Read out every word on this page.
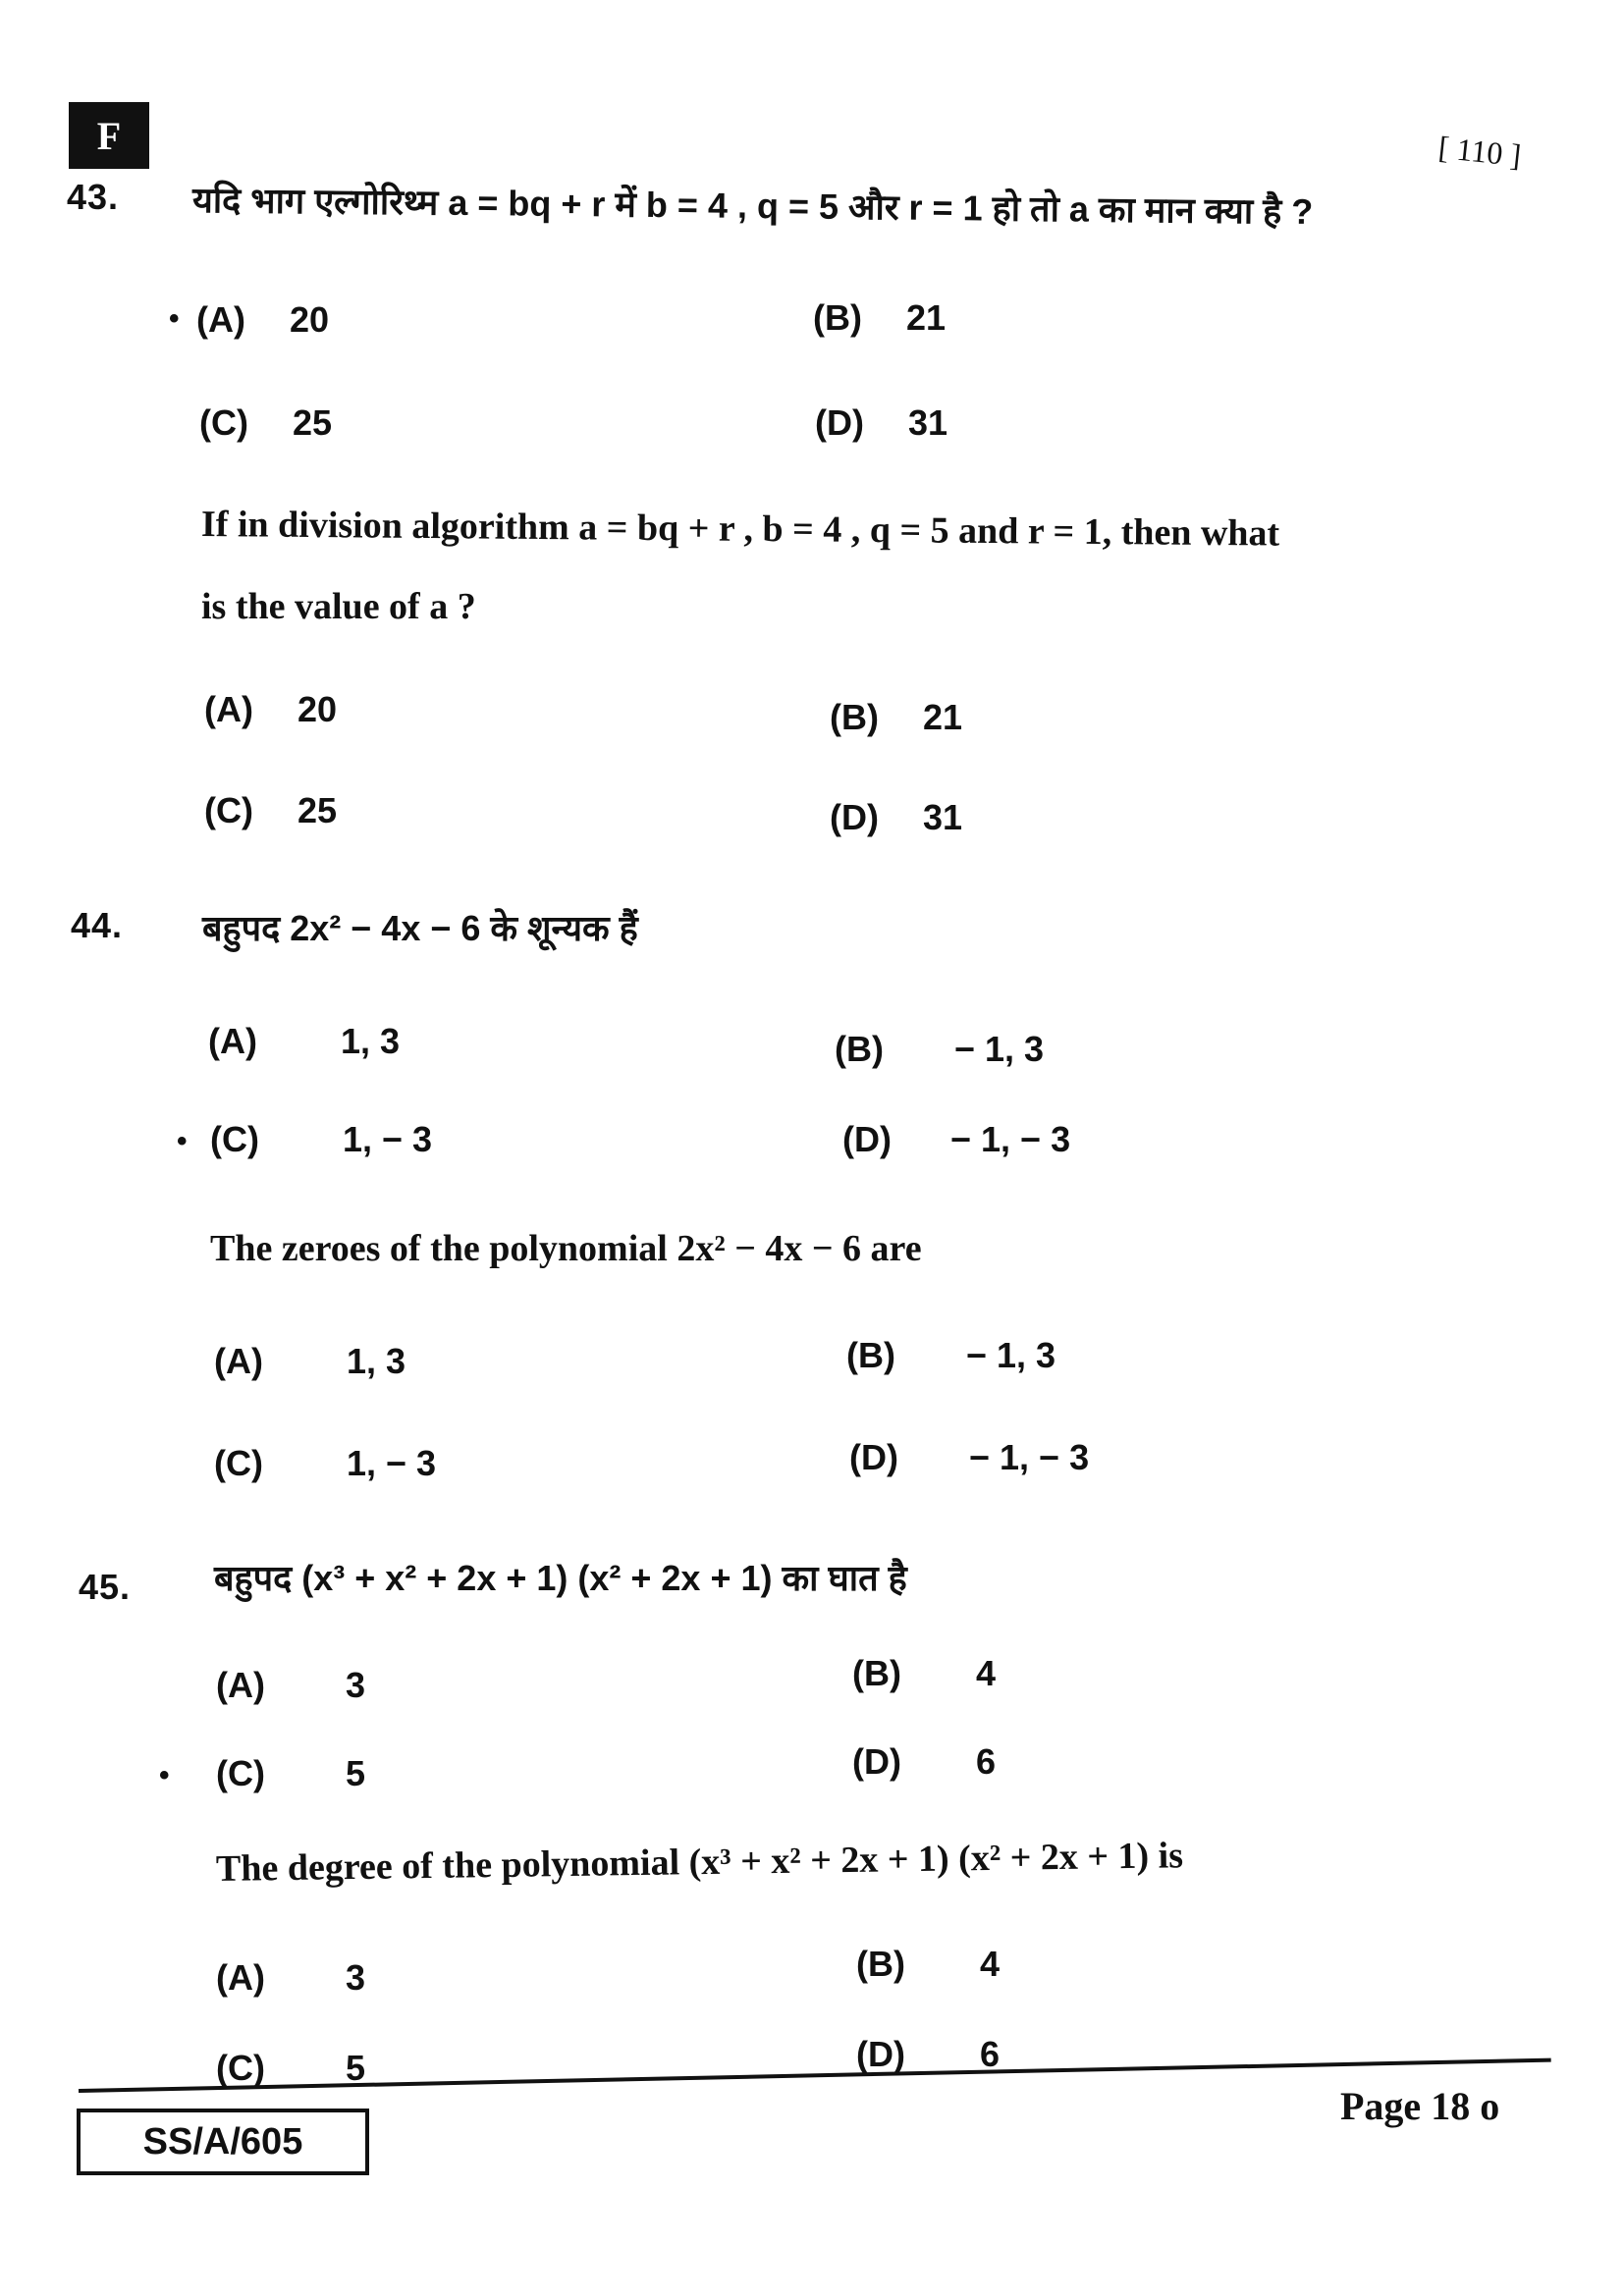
F	[ 110 ]
43. यदि भाग एल्गोरिथ्म a = bq + r में b = 4 , q = 5 और r = 1 हो तो a का मान क्या है ?
• (A) 20	(B) 21
(C) 25	(D) 31
If in division algorithm a = bq + r , b = 4 , q = 5 and r = 1, then what
is the value of a ?
(A) 20	(B) 21
(C) 25	(D) 31
44. बहुपद 2x² − 4x − 6 के शून्यक हैं
(A) 1, 3	(B) − 1, 3
• (C) 1, − 3	(D) − 1, − 3
The zeroes of the polynomial 2x² − 4x − 6 are
(A) 1, 3	(B) − 1, 3
(C) 1, − 3	(D) − 1, − 3
45. बहुपद (x³ + x² + 2x + 1) (x² + 2x + 1) का घात है
(A) 3	(B) 4
• (C) 5	(D) 6
The degree of the polynomial (x³ + x² + 2x + 1) (x² + 2x + 1) is
(A) 3	(B) 4
(C) 5	(D) 6
SS/A/605
Page 18 o
